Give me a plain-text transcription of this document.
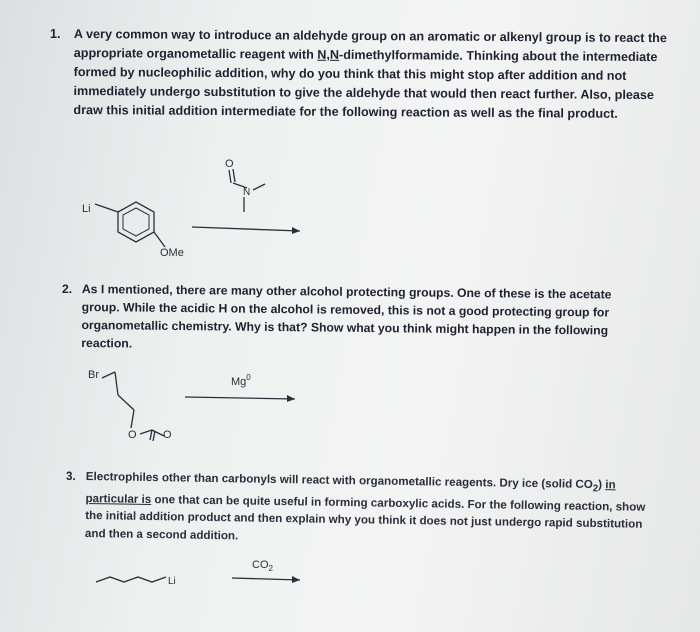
1. A very common way to introduce an aldehyde group on an aromatic or alkenyl group is to react the appropriate organometallic reagent with N,N-dimethylformamide. Thinking about the intermediate formed by nucleophilic addition, why do you think that this might stop after addition and not immediately undergo substitution to give the aldehyde that would then react further. Also, please draw this initial addition intermediate for the following reaction as well as the final product.
Li
OMe
O
N
2. As I mentioned, there are many other alcohol protecting groups. One of these is the acetate group. While the acidic H on the alcohol is removed, this is not a good protecting group for organometallic chemistry. Why is that? Show what you think might happen in the following reaction.
Br
O O
Mg$^0$
3. Electrophiles other than carbonyls will react with organometallic reagents. Dry ice (solid $CO_2$) in particular is one that can be quite useful in forming carboxylic acids. For the following reaction, show the initial addition product and then explain why you think it does not just undergo rapid substitution and then a second addition.
Li
$CO_2$
